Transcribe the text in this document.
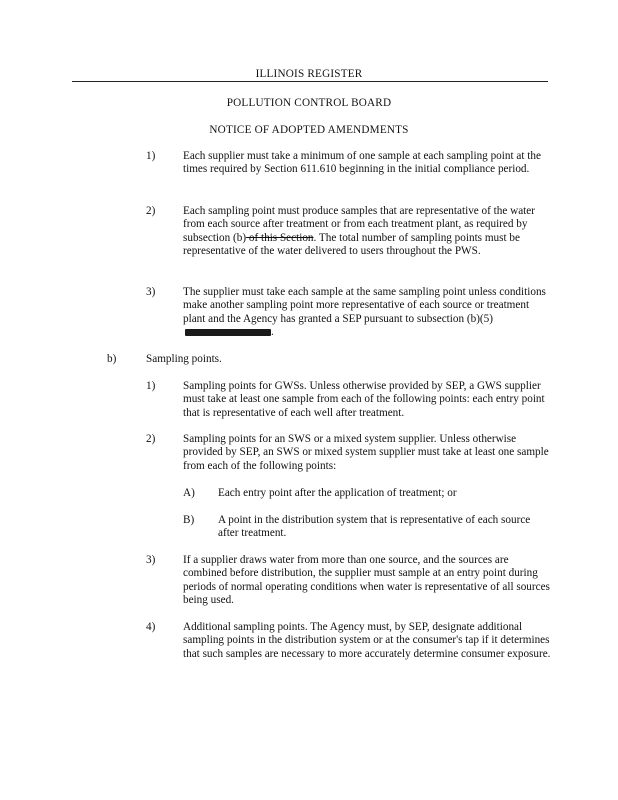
ILLINOIS REGISTER
POLLUTION CONTROL BOARD
NOTICE OF ADOPTED AMENDMENTS
1) Each supplier must take a minimum of one sample at each sampling point at the times required by Section 611.610 beginning in the initial compliance period.
2) Each sampling point must produce samples that are representative of the water from each source after treatment or from each treatment plant, as required by subsection (b) of this Section. The total number of sampling points must be representative of the water delivered to users throughout the PWS.
3) The supplier must take each sample at the same sampling point unless conditions make another sampling point more representative of each source or treatment plant and the Agency has granted a SEP pursuant to subsection (b)(5).
b)	Sampling points.
1) Sampling points for GWSs. Unless otherwise provided by SEP, a GWS supplier must take at least one sample from each of the following points: each entry point that is representative of each well after treatment.
2) Sampling points for an SWS or a mixed system supplier. Unless otherwise provided by SEP, an SWS or mixed system supplier must take at least one sample from each of the following points:
A) Each entry point after the application of treatment; or
B) A point in the distribution system that is representative of each source after treatment.
3) If a supplier draws water from more than one source, and the sources are combined before distribution, the supplier must sample at an entry point during periods of normal operating conditions when water is representative of all sources being used.
4) Additional sampling points. The Agency must, by SEP, designate additional sampling points in the distribution system or at the consumer's tap if it determines that such samples are necessary to more accurately determine consumer exposure.
